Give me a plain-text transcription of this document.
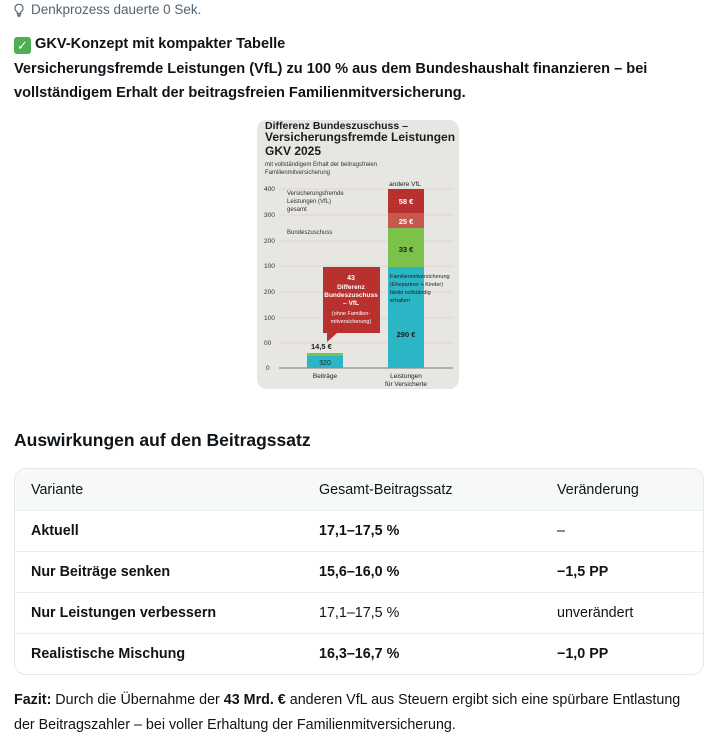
Denkprozess dauerte 0 Sek.
✓ GKV-Konzept mit kompakter Tabelle
Versicherungsfremde Leistungen (VfL) zu 100 % aus dem Bundeshaushalt finanzieren – bei vollständigem Erhalt der beitragsfreien Familienmitversicherung.
Differenz Bundeszuschuss –
Versicherungsfremde Leistungen
GKV 2025
mit vollständigem Erhalt der beitragsfreien
Familienmitversicherung
400
300
200
100
200
100
00
0
Versicherungsfremde
Leistungen (VfL)
gesamt
Bundeszuschuss
43
Differenz
Bundeszuschuss
– VfL
(ohne Familien-
mitversicherung)
14,5 €
320
Beiträge
andere VfL
58 €
25 €
33 €
290 €
Familienmitversicherung
(Ehepartner + Kinder)
bleibt vollständig
erhalten
Leistungen
für Versicherte
Auswirkungen auf den Beitragssatz
Variante	Gesamt-Beitragssatz	Veränderung
Aktuell	17,1–17,5 %	–
Nur Beiträge senken	15,6–16,0 %	−1,5 PP
Nur Leistungen verbessern	17,1–17,5 %	unverändert
Realistische Mischung	16,3–16,7 %	−1,0 PP
Fazit: Durch die Übernahme der 43 Mrd. € anderen VfL aus Steuern ergibt sich eine spürbare Entlastung der Beitragszahler – bei voller Erhaltung der Familienmitversicherung.
